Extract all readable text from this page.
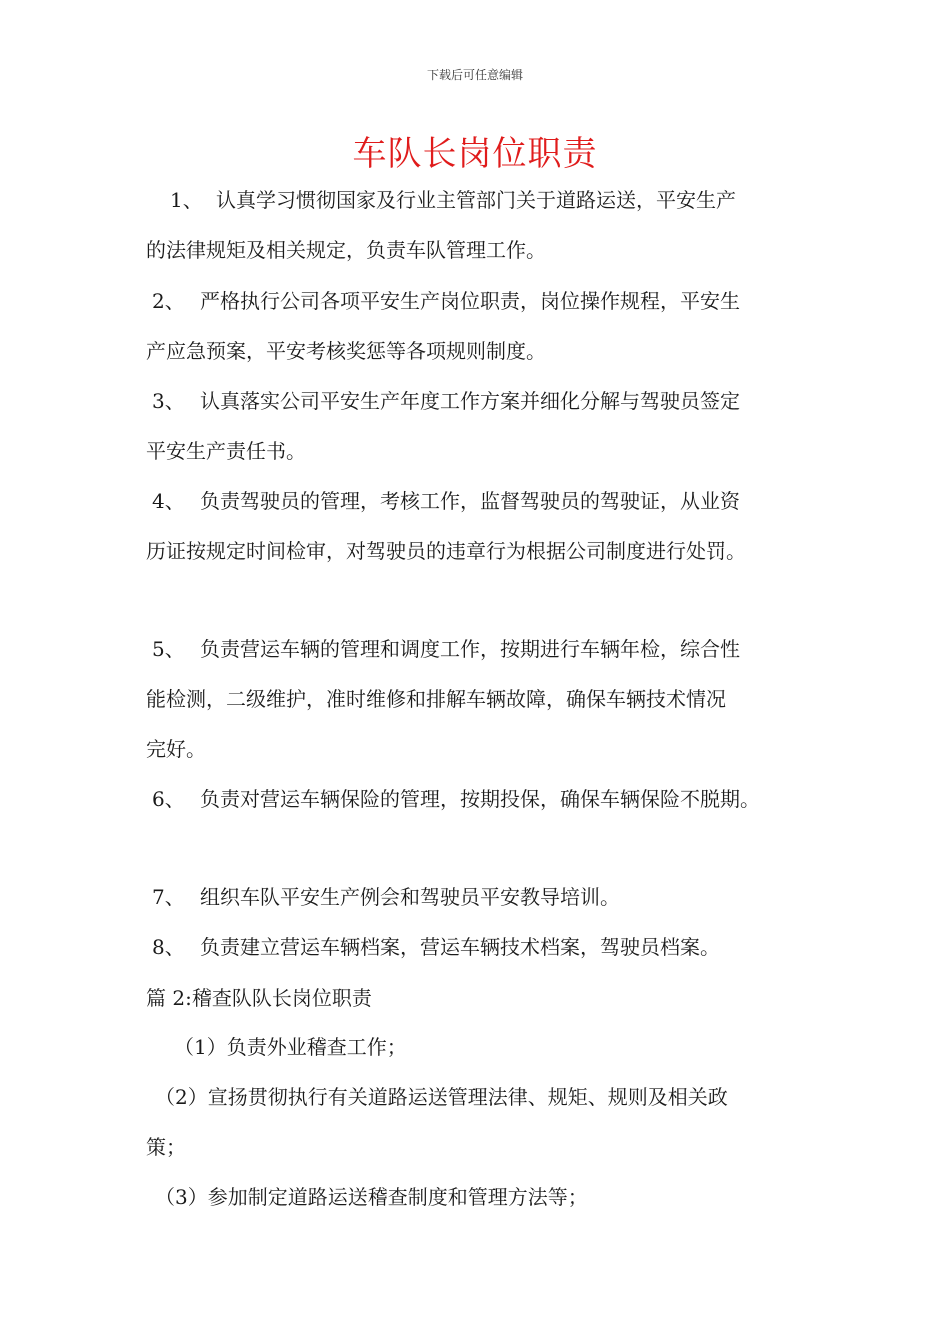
下载后可任意编辑
车队长岗位职责
1、 认真学习惯彻国家及行业主管部门关于道路运送，平安生产
的法律规矩及相关规定，负责车队管理工作。
2、 严格执行公司各项平安生产岗位职责，岗位操作规程，平安生
产应急预案，平安考核奖惩等各项规则制度。
3、 认真落实公司平安生产年度工作方案并细化分解与驾驶员签定
平安生产责任书。
4、 负责驾驶员的管理，考核工作，监督驾驶员的驾驶证，从业资
历证按规定时间检审，对驾驶员的违章行为根据公司制度进行处罚。
5、 负责营运车辆的管理和调度工作，按期进行车辆年检，综合性
能检测，二级维护，准时维修和排解车辆故障，确保车辆技术情况
完好。
6、 负责对营运车辆保险的管理，按期投保，确保车辆保险不脱期。
7、 组织车队平安生产例会和驾驶员平安教导培训。
8、 负责建立营运车辆档案，营运车辆技术档案，驾驶员档案。
篇 2:稽查队队长岗位职责
（1）负责外业稽查工作；
（2）宣扬贯彻执行有关道路运送管理法律、规矩、规则及相关政
策；
（3）参加制定道路运送稽查制度和管理方法等；
